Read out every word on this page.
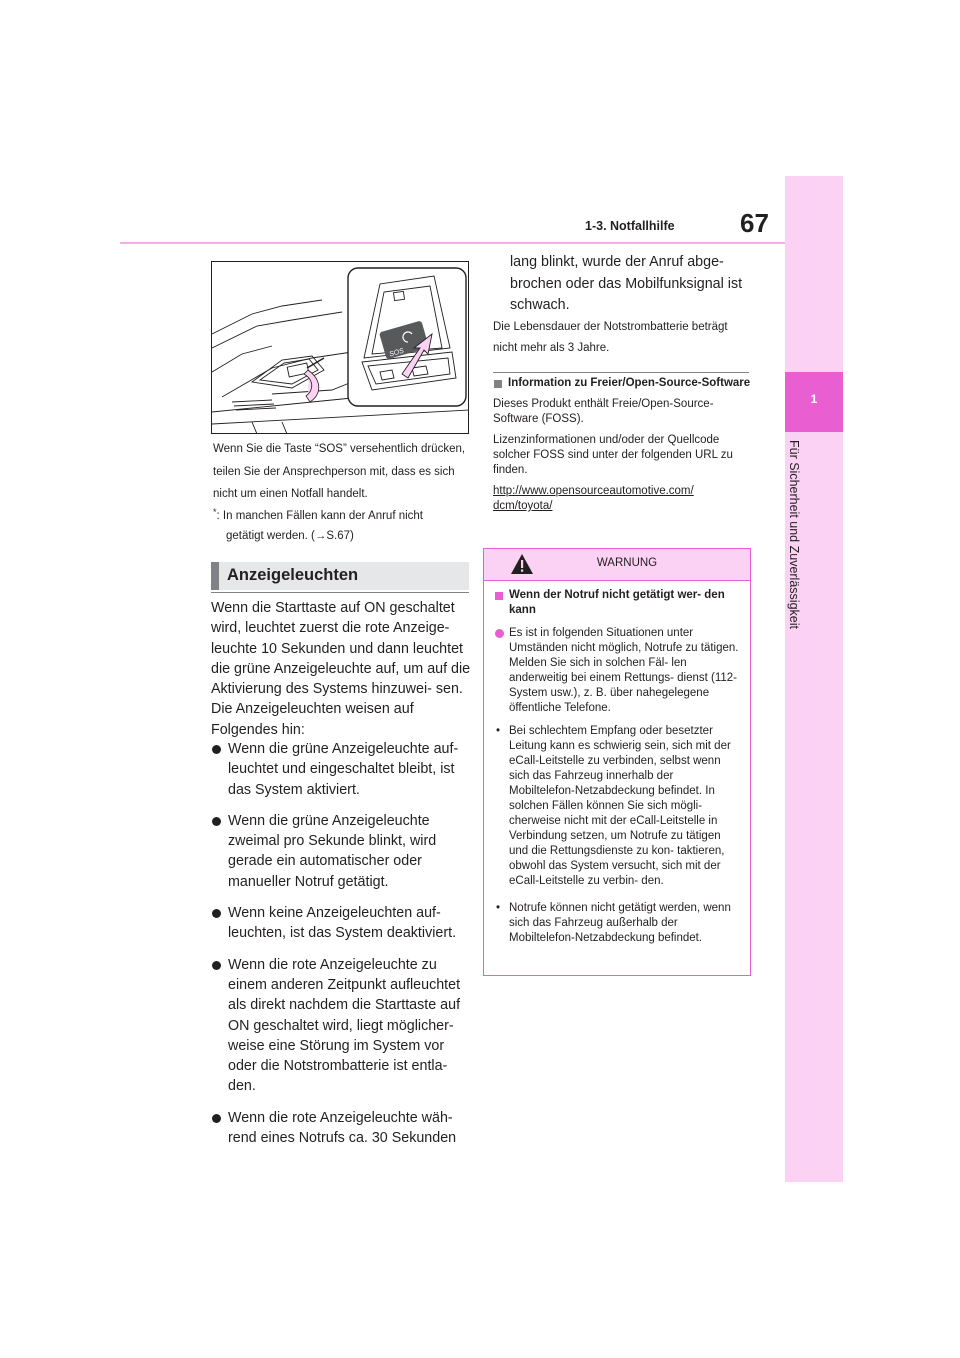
67
1-3. Notfallhilfe
1
Für Sicherheit und Zuverlässigkeit
SOS
Wenn Sie die Taste “SOS” versehentlich drücken, teilen Sie der Ansprechperson mit, dass es sich nicht um einen Notfall handelt.
*: In manchen Fällen kann der Anruf nicht
getätigt werden. (→S.67)
Anzeigeleuchten
Wenn die Starttaste auf ON geschaltet wird, leuchtet zuerst die rote Anzeige- leuchte 10 Sekunden und dann leuchtet die grüne Anzeigeleuchte auf, um auf die Aktivierung des Systems hinzuwei- sen. Die Anzeigeleuchten weisen auf Folgendes hin:
Wenn die grüne Anzeigeleuchte auf- leuchtet und eingeschaltet bleibt, ist das System aktiviert.
Wenn die grüne Anzeigeleuchte zweimal pro Sekunde blinkt, wird gerade ein automatischer oder manueller Notruf getätigt.
Wenn keine Anzeigeleuchten auf- leuchten, ist das System deaktiviert.
Wenn die rote Anzeigeleuchte zu einem anderen Zeitpunkt aufleuchtet als direkt nachdem die Starttaste auf ON geschaltet wird, liegt möglicher- weise eine Störung im System vor oder die Notstrombatterie ist entla- den.
Wenn die rote Anzeigeleuchte wäh- rend eines Notrufs ca. 30 Sekunden
lang blinkt, wurde der Anruf abge- brochen oder das Mobilfunksignal ist schwach.
Die Lebensdauer der Notstrombatterie beträgt nicht mehr als 3 Jahre.
Information zu Freier/Open-Source-Software

Dieses Produkt enthält Freie/Open-Source-Software (FOSS).

Lizenzinformationen und/oder der Quellcode solcher FOSS sind unter der folgenden URL zu finden.

http://www.opensourceautomotive.com/ dcm/toyota/

WARNUNG
Wenn der Notruf nicht getätigt wer- den kann
Es ist in folgenden Situationen unter Umständen nicht möglich, Notrufe zu tätigen. Melden Sie sich in solchen Fäl- len anderweitig bei einem Rettungs- dienst (112-System usw.), z. B. über nahegelegene öffentliche Telefone.
• Bei schlechtem Empfang oder besetzter Leitung kann es schwierig sein, sich mit der eCall-Leitstelle zu verbinden, selbst wenn sich das Fahrzeug innerhalb der Mobiltelefon-Netzabdeckung befindet. In solchen Fällen können Sie sich mögli- cherweise nicht mit der eCall-Leitstelle in Verbindung setzen, um Notrufe zu tätigen und die Rettungsdienste zu kon- taktieren, obwohl das System versucht, sich mit der eCall-Leitstelle zu verbin- den.
• Notrufe können nicht getätigt werden, wenn sich das Fahrzeug außerhalb der Mobiltelefon-Netzabdeckung befindet.
